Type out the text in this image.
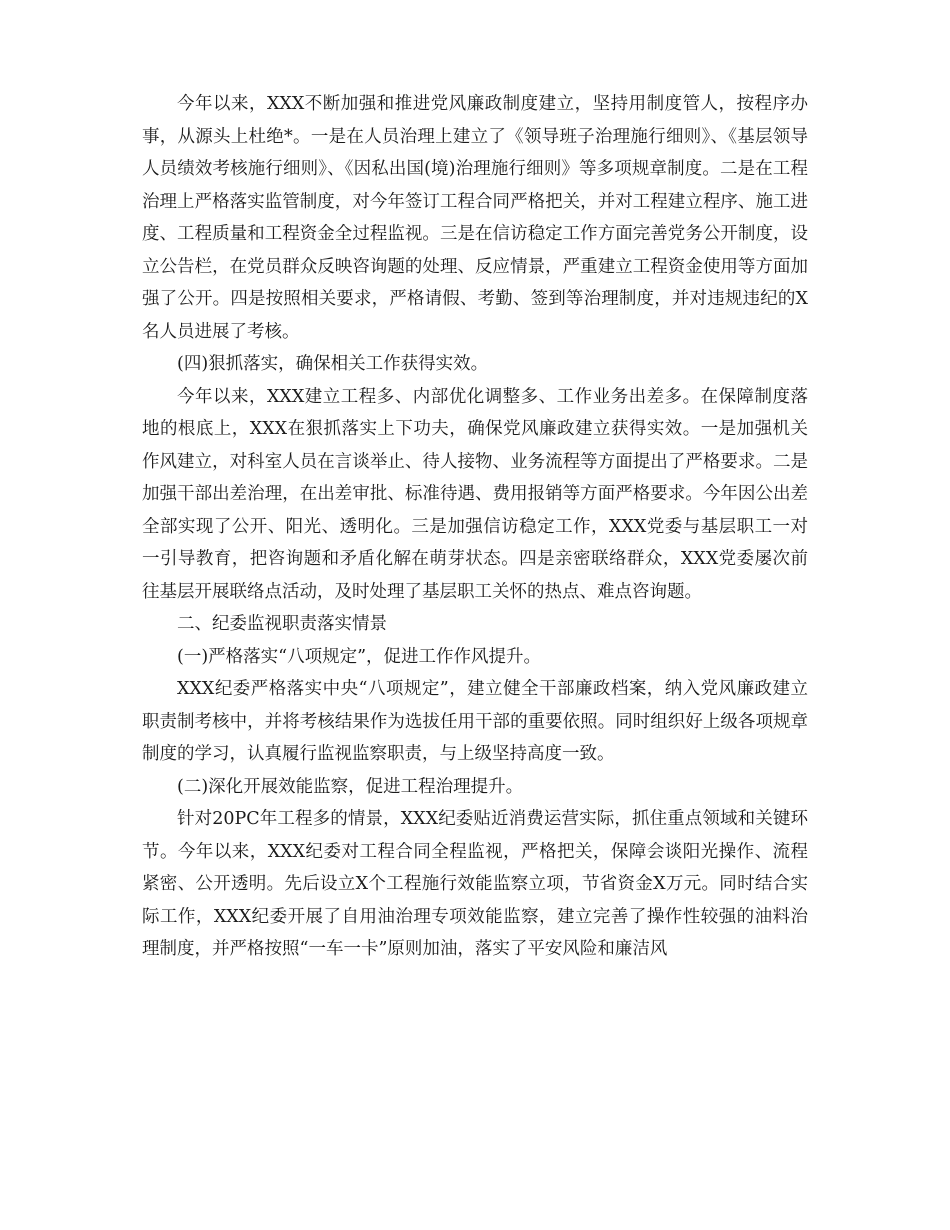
今年以来，XXX不断加强和推进党风廉政制度建立，坚持用制度管人，按程序办事，从源头上杜绝*。一是在人员治理上建立了《领导班子治理施行细则》、《基层领导人员绩效考核施行细则》、《因私出国(境)治理施行细则》等多项规章制度。二是在工程治理上严格落实监管制度，对今年签订工程合同严格把关，并对工程建立程序、施工进度、工程质量和工程资金全过程监视。三是在信访稳定工作方面完善党务公开制度，设立公告栏，在党员群众反映咨询题的处理、反应情景，严重建立工程资金使用等方面加强了公开。四是按照相关要求，严格请假、考勤、签到等治理制度，并对违规违纪的X名人员进展了考核。

(四)狠抓落实，确保相关工作获得实效。

今年以来，XXX建立工程多、内部优化调整多、工作业务出差多。在保障制度落地的根底上，XXX在狠抓落实上下功夫，确保党风廉政建立获得实效。一是加强机关作风建立，对科室人员在言谈举止、待人接物、业务流程等方面提出了严格要求。二是加强干部出差治理，在出差审批、标准待遇、费用报销等方面严格要求。今年因公出差全部实现了公开、阳光、透明化。三是加强信访稳定工作，XXX党委与基层职工一对一引导教育，把咨询题和矛盾化解在萌芽状态。四是亲密联络群众，XXX党委屡次前往基层开展联络点活动，及时处理了基层职工关怀的热点、难点咨询题。

二、纪委监视职责落实情景

(一)严格落实“八项规定”，促进工作作风提升。

XXX纪委严格落实中央“八项规定”，建立健全干部廉政档案，纳入党风廉政建立职责制考核中，并将考核结果作为选拔任用干部的重要依照。同时组织好上级各项规章制度的学习，认真履行监视监察职责，与上级坚持高度一致。

(二)深化开展效能监察，促进工程治理提升。

针对20PC年工程多的情景，XXX纪委贴近消费运营实际，抓住重点领域和关键环节。今年以来，XXX纪委对工程合同全程监视，严格把关，保障会谈阳光操作、流程紧密、公开透明。先后设立X个工程施行效能监察立项，节省资金X万元。同时结合实际工作，XXX纪委开展了自用油治理专项效能监察，建立完善了操作性较强的油料治理制度，并严格按照“一车一卡”原则加油，落实了平安风险和廉洁风
